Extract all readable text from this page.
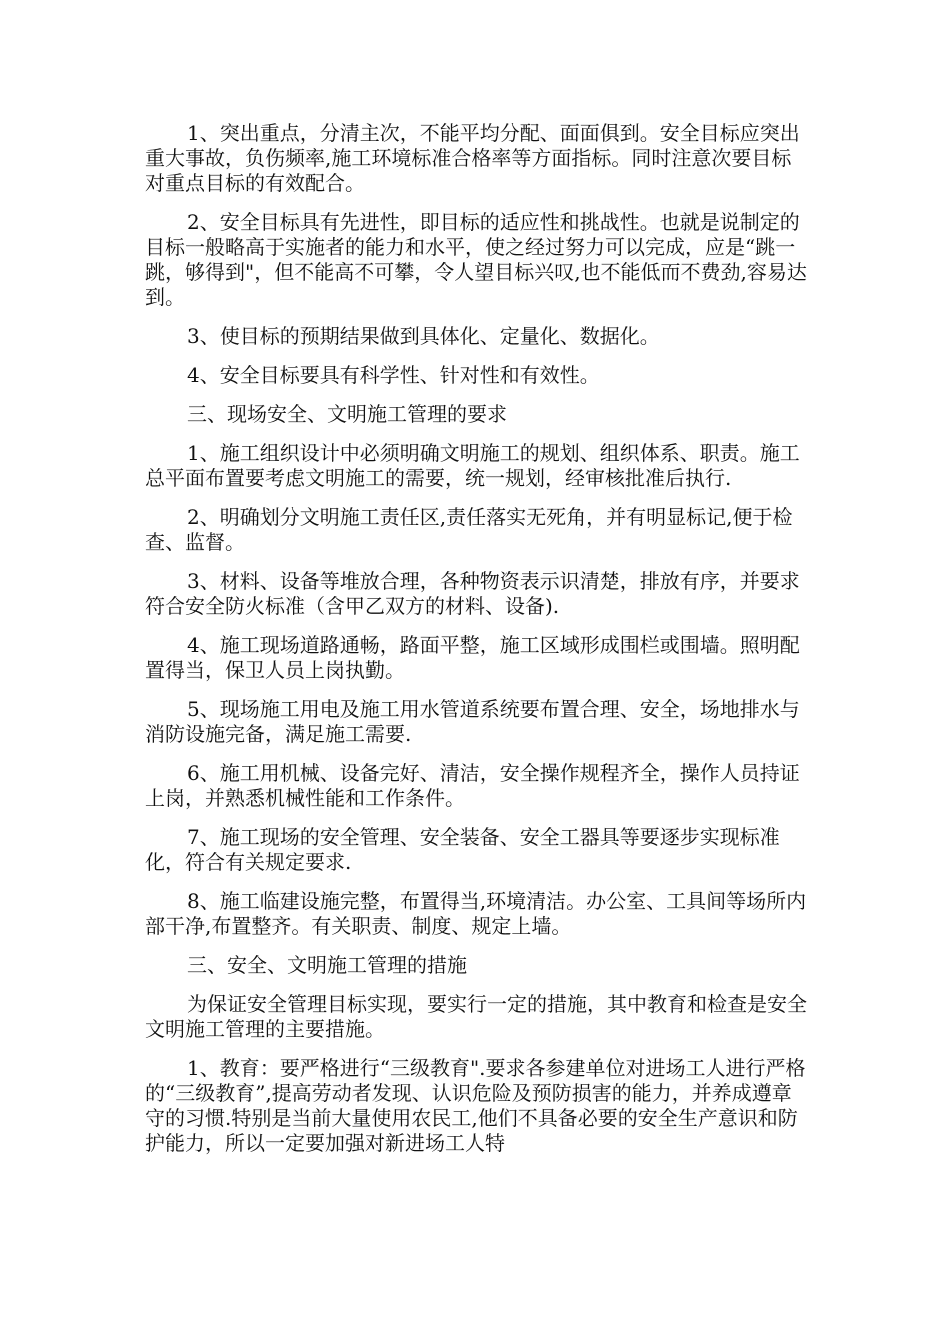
1、突出重点，分清主次，不能平均分配、面面俱到。安全目标应突出重大事故，负伤频率,施工环境标准合格率等方面指标。同时注意次要目标对重点目标的有效配合。

2、安全目标具有先进性，即目标的适应性和挑战性。也就是说制定的目标一般略高于实施者的能力和水平，使之经过努力可以完成，应是“跳一跳，够得到"，但不能高不可攀，令人望目标兴叹,也不能低而不费劲,容易达到。

3、使目标的预期结果做到具体化、定量化、数据化。

4、安全目标要具有科学性、针对性和有效性。

三、现场安全、文明施工管理的要求

1、施工组织设计中必须明确文明施工的规划、组织体系、职责。施工总平面布置要考虑文明施工的需要，统一规划，经审核批准后执行.

2、明确划分文明施工责任区,责任落实无死角，并有明显标记,便于检查、监督。

3、材料、设备等堆放合理，各种物资表示识清楚，排放有序，并要求符合安全防火标准（含甲乙双方的材料、设备).

4、施工现场道路通畅，路面平整，施工区域形成围栏或围墙。照明配置得当，保卫人员上岗执勤。

5、现场施工用电及施工用水管道系统要布置合理、安全，场地排水与消防设施完备，满足施工需要.

6、施工用机械、设备完好、清洁，安全操作规程齐全，操作人员持证上岗，并熟悉机械性能和工作条件。

7、施工现场的安全管理、安全装备、安全工器具等要逐步实现标准化，符合有关规定要求.

8、施工临建设施完整，布置得当,环境清洁。办公室、工具间等场所内部干净,布置整齐。有关职责、制度、规定上墙。

三、安全、文明施工管理的措施

为保证安全管理目标实现，要实行一定的措施，其中教育和检查是安全文明施工管理的主要措施。

1、教育：要严格进行“三级教育".要求各参建单位对进场工人进行严格的“三级教育”,提高劳动者发现、认识危险及预防损害的能力，并养成遵章守的习惯.特别是当前大量使用农民工,他们不具备必要的安全生产意识和防护能力，所以一定要加强对新进场工人特
